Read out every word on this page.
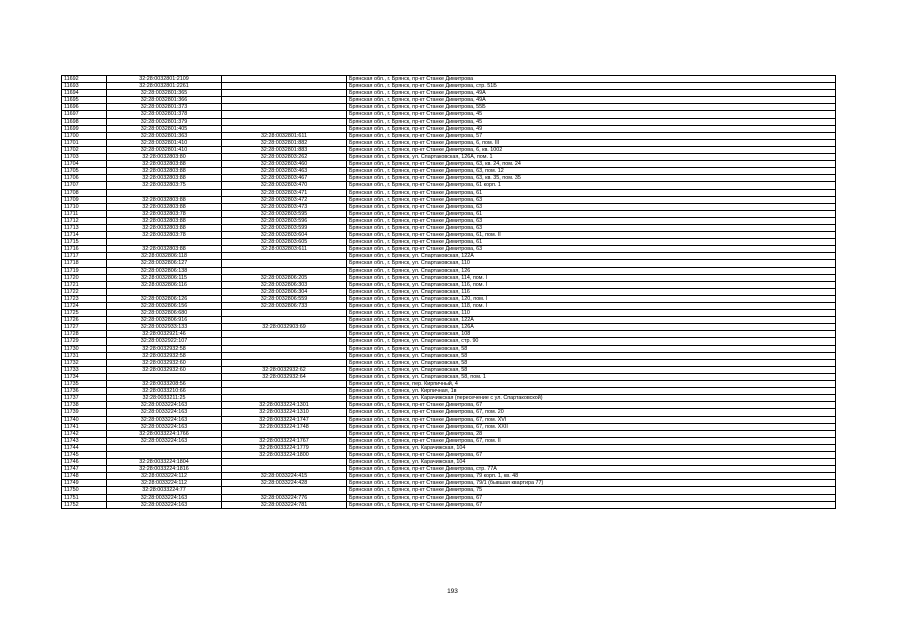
11692	32:28:0032801:2109		Брянская обл., г. Брянск, пр-кт Станке Димитрова
11693	32:28:0032801:2261		Брянская обл., г. Брянск, пр-кт Станке Димитрова, стр. 51Б
11694	32:28:0032801:365		Брянская обл., г. Брянск, пр-кт Станке Димитрова, 49А
11695	32:28:0032801:366		Брянская обл., г. Брянск, пр-кт Станке Димитрова, 49А
11696	32:28:0032801:373		Брянская обл., г. Брянск, пр-кт Станке Димитрова, 55Б
11697	32:28:0032801:378		Брянская обл., г. Брянск, пр-кт Станке Димитрова, 45
11698	32:28:0032801:379		Брянская обл., г. Брянск, пр-кт Станке Димитрова, 45
11699	32:28:0032801:405		Брянская обл., г. Брянск, пр-кт Станке Димитрова, 49
11700	32:28:0032801:363	32:28:0032801:611	Брянская обл., г. Брянск, пр-кт Станке Димитрова, 57
11701	32:28:0032801:410	32:28:0032801:882	Брянская обл., г. Брянск, пр-кт Станке Димитрова, 6, пом. III
11702	32:28:0032801:410	32:28:0032801:883	Брянская обл., г. Брянск, пр-кт Станке Димитрова, 6, кв. 1002
11703	32:28:0032803:80	32:28:0032803:262	Брянская обл., г. Брянск, ул. Спартаковская, 126А, пом. 1
11704	32:28:0032803:88	32:28:0032803:460	Брянская обл., г. Брянск, пр-кт Станке Димитрова, 63, кв. 24, пом. 24
11705	32:28:0032803:88	32:28:0032803:463	Брянская обл., г. Брянск, пр-кт Станке Димитрова, 63, пом. 12
11706	32:28:0032803:88	32:28:0032803:467	Брянская обл., г. Брянск, пр-кт Станке Димитрова, 63, кв. 35, пом. 35
11707	32:28:0032803:75	32:28:0032803:470	Брянская обл., г. Брянск, пр-кт Станке Димитрова, 61 корп. 1
11708		32:28:0032803:471	Брянская обл., г. Брянск, пр-кт Станке Димитрова, 61
11709	32:28:0032803:88	32:28:0032803:472	Брянская обл., г. Брянск, пр-кт Станке Димитрова, 63
11710	32:28:0032803:88	32:28:0032803:473	Брянская обл., г. Брянск, пр-кт Станке Димитрова, 63
11711	32:28:0032803:78	32:28:0032803:595	Брянская обл., г. Брянск, пр-кт Станке Димитрова, 61
11712	32:28:0032803:88	32:28:0032803:596	Брянская обл., г. Брянск, пр-кт Станке Димитрова, 63
11713	32:28:0032803:88	32:28:0032803:599	Брянская обл., г. Брянск, пр-кт Станке Димитрова, 63
11714	32:28:0032803:78	32:28:0032803:604	Брянская обл., г. Брянск, пр-кт Станке Димитрова, 61, пом. II
11715		32:28:0032803:605	Брянская обл., г. Брянск, пр-кт Станке Димитрова, 61
11716	32:28:0032803:88	32:28:0032803:611	Брянская обл., г. Брянск, пр-кт Станке Димитрова, 63
11717	32:28:0032806:118		Брянская обл., г. Брянск, ул. Спартаковская, 122А
11718	32:28:0032806:127		Брянская обл., г. Брянск, ул. Спартаковская, 110
11719	32:28:0032806:138		Брянская обл., г. Брянск, ул. Спартаковская, 126
11720	32:28:0032806:115	32:28:0032806:205	Брянская обл., г. Брянск, ул. Спартаковская, 114, пом. I
11721	32:28:0032806:116	32:28:0032806:303	Брянская обл., г. Брянск, ул. Спартаковская, 116, пом. I
11722		32:28:0032806:304	Брянская обл., г. Брянск, ул. Спартаковская, 116
11723	32:28:0032806:126	32:28:0032806:559	Брянская обл., г. Брянск, ул. Спартаковская, 120, пом. I
11724	32:28:0032806:156	32:28:0032806:733	Брянская обл., г. Брянск, ул. Спартаковская, 118, пом. I
11725	32:28:0032806:680		Брянская обл., г. Брянск, ул. Спартаковская, 110
11726	32:28:0032806:916		Брянская обл., г. Брянск, ул. Спартаковская, 122А
11727	32:28:0032933:133	32:28:0032903:69	Брянская обл., г. Брянск, ул. Спартаковская, 126А
11728	32:28:0032921:46		Брянская обл., г. Брянск, ул. Спартаковская, 108
11729	32:28:0032922:107		Брянская обл., г. Брянск, ул. Спартаковская, стр. 90
11730	32:28:0032932:58		Брянская обл., г. Брянск, ул. Спартаковская, 58
11731	32:28:0032932:58		Брянская обл., г. Брянск, ул. Спартаковская, 58
11732	32:28:0032932:60		Брянская обл., г. Брянск, ул. Спартаковская, 58
11733	32:28:0032932:60	32:28:0032932:62	Брянская обл., г. Брянск, ул. Спартаковская, 58
11734		32:28:0032932:64	Брянская обл., г. Брянск, ул. Спартаковская, 58, пом. 1
11735	32:28:0033208:56		Брянская обл., г. Брянск, пер. Кирпичный, 4
11736	32:28:0033210:66		Брянская обл., г. Брянск, ул. Кирпичная, 1в
11737	32:28:0033211:25		Брянская обл., г. Брянск, ул. Карачижская (пересечение с ул. Спартаковской)
11738	32:28:0033224:163	32:28:0033224:1301	Брянская обл., г. Брянск, пр-кт Станке Димитрова, 67
11739	32:28:0033224:163	32:28:0033224:1310	Брянская обл., г. Брянск, пр-кт Станке Димитрова, 67, пом. 20
11740	32:28:0033224:163	32:28:0033224:1747	Брянская обл., г. Брянск, пр-кт Станке Димитрова, 67, пом. XVI
11741	32:28:0033224:163	32:28:0033224:1748	Брянская обл., г. Брянск, пр-кт Станке Димитрова, 67, пом. XXII
11742	32:28:0033224:1766		Брянская обл., г. Брянск, пр-кт Станке Димитрова, 28
11743	32:28:0033224:163	32:28:0033224:1767	Брянская обл., г. Брянск, пр-кт Станке Димитрова, 67, пом. II
11744		32:28:0033224:1779	Брянская обл., г. Брянск, ул. Карачижская, 104
11745		32:28:0033224:1800	Брянская обл., г. Брянск, пр-кт Станке Димитрова, 67
11746	32:28:0033224:1804		Брянская обл., г. Брянск, ул. Карачижская, 104
11747	32:28:0033224:1816		Брянская обл., г. Брянск, пр-кт Станке Димитрова, стр. 77А
11748	32:28:0033224:112	32:28:0033224:415	Брянская обл., г. Брянск, пр-кт Станке Димитрова, 79 корп. 1, кв. 48
11749	32:28:0033224:112	32:28:0033224:428	Брянская обл., г. Брянск, пр-кт Станке Димитрова, 79/1 (бывшая квартира 77)
11750	32:28:0033224:77		Брянская обл., г. Брянск, пр-кт Станке Димитрова, 75
11751	32:28:0033224:163	32:28:0033224:776	Брянская обл., г. Брянск, пр-кт Станке Димитрова, 67
11752	32:28:0033224:163	32:28:0033224:781	Брянская обл., г. Брянск, пр-кт Станке Димитрова, 67
193
